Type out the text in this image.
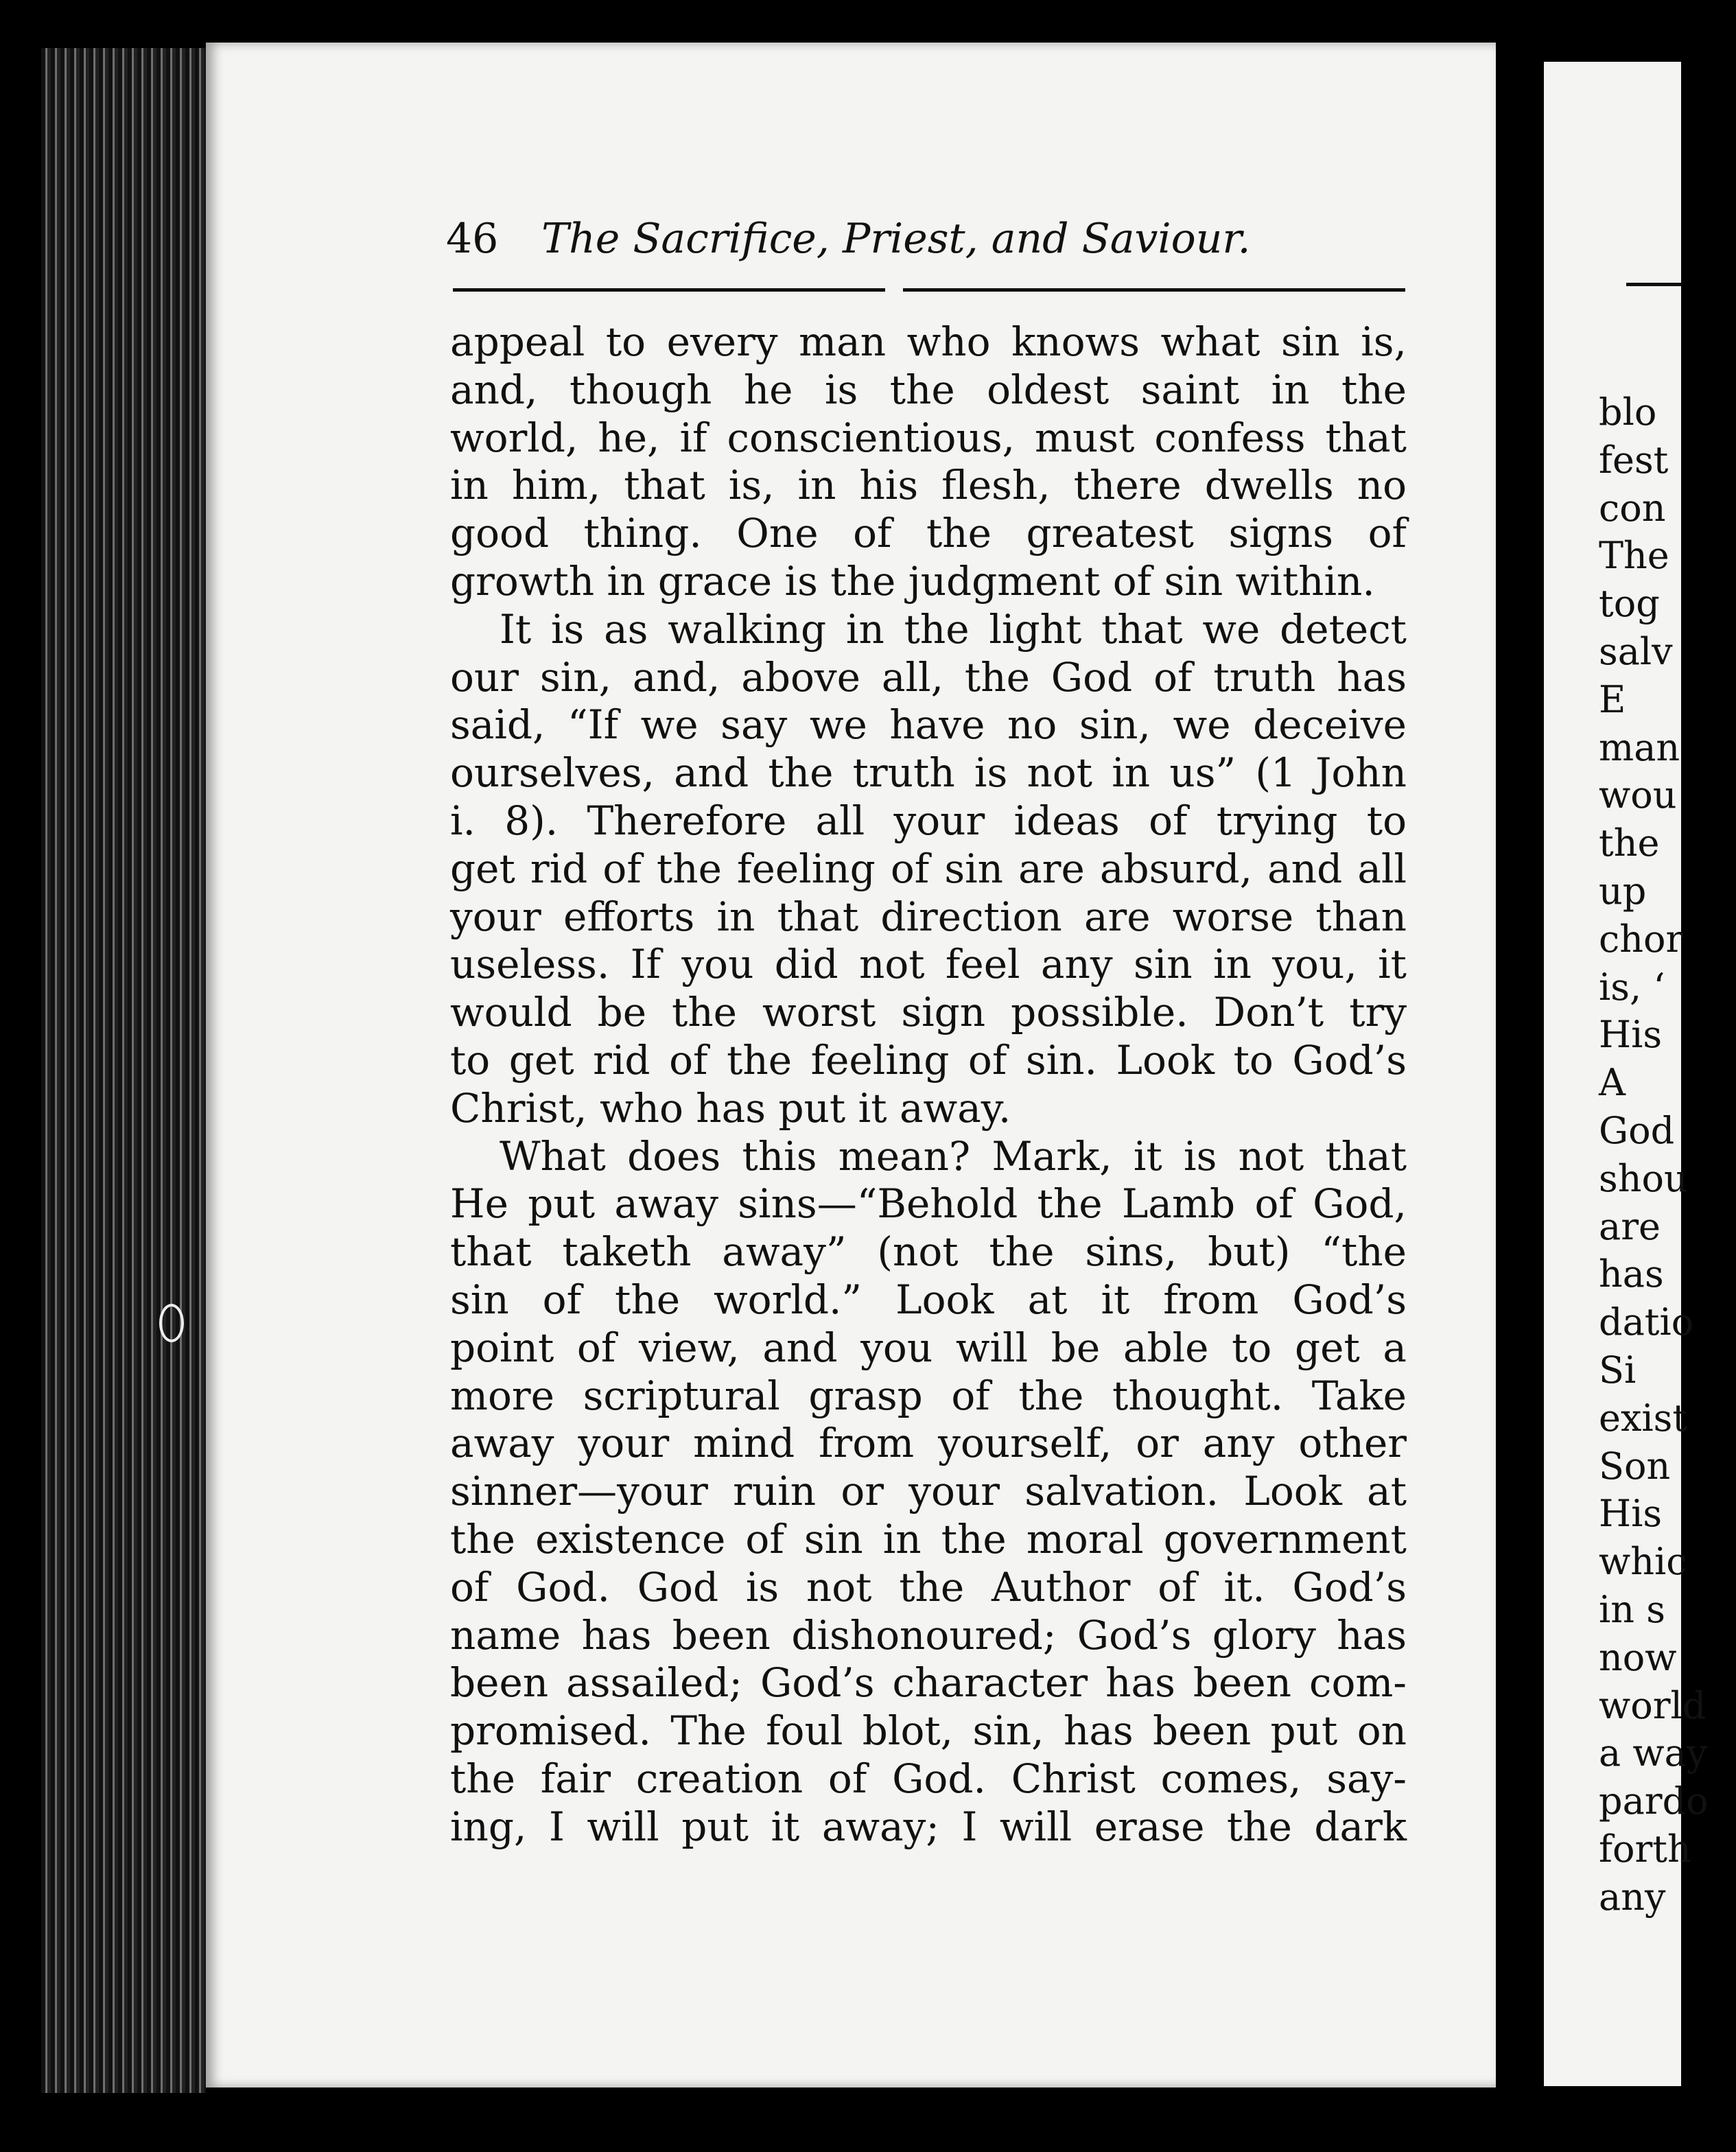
46 The Sacrifice, Priest, and Saviour.
appeal to every man who knows what sin is,
and, though he is the oldest saint in the
world, he, if conscientious, must confess that
in him, that is, in his flesh, there dwells no
good thing. One of the greatest signs of
growth in grace is the judgment of sin within.
It is as walking in the light that we detect
our sin, and, above all, the God of truth has
said, “If we say we have no sin, we deceive
ourselves, and the truth is not in us” (1 John
i. 8). Therefore all your ideas of trying to
get rid of the feeling of sin are absurd, and all
your efforts in that direction are worse than
useless. If you did not feel any sin in you, it
would be the worst sign possible. Don’t try
to get rid of the feeling of sin. Look to God’s
Christ, who has put it away.
What does this mean? Mark, it is not that
He put away sins—“Behold the Lamb of God,
that taketh away” (not the sins, but) “the
sin of the world.” Look at it from God’s
point of view, and you will be able to get a
more scriptural grasp of the thought. Take
away your mind from yourself, or any other
sinner—your ruin or your salvation. Look at
the existence of sin in the moral government
of God. God is not the Author of it. God’s
name has been dishonoured; God’s glory has
been assailed; God’s character has been com-
promised. The foul blot, sin, has been put on
the fair creation of God. Christ comes, say-
ing, I will put it away; I will erase the dark
blo
fest
con
The
tog
salv
E
man
wou
the
up
chor
is, ‘
His
A
God
shou
are
has
datio
Si
exist
Son
His
whic
in s
now
world
a way
pardo
forth
any
